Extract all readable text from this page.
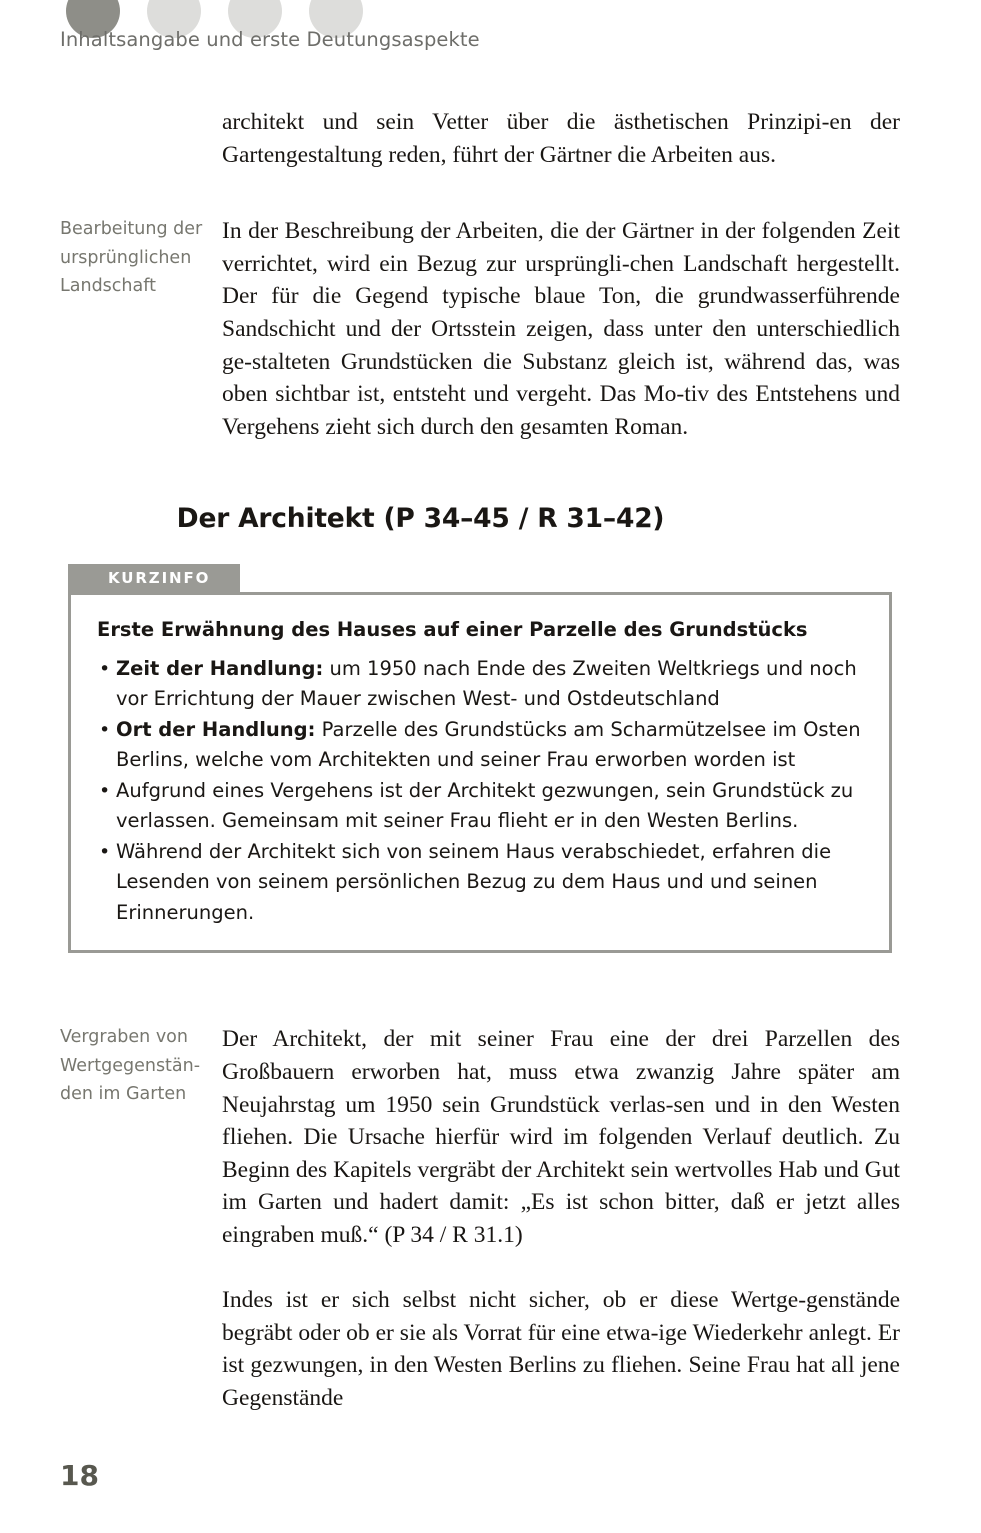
Inhaltsangabe und erste Deutungsaspekte

architekt und sein Vetter über die ästhetischen Prinzipi-en der Gartengestaltung reden, führt der Gärtner die Arbeiten aus.

Bearbeitung der ursprünglichen Landschaft

In der Beschreibung der Arbeiten, die der Gärtner in der folgenden Zeit verrichtet, wird ein Bezug zur ursprüngli-chen Landschaft hergestellt. Der für die Gegend typische blaue Ton, die grundwasserführende Sandschicht und der Ortsstein zeigen, dass unter den unterschiedlich ge-stalteten Grundstücken die Substanz gleich ist, während das, was oben sichtbar ist, entsteht und vergeht. Das Mo-tiv des Entstehens und Vergehens zieht sich durch den gesamten Roman.

Der Architekt (P 34–45 / R 31–42)
KURZINFO
Erste Erwähnung des Hauses auf einer Parzelle des Grundstücks
• Zeit der Handlung: um 1950 nach Ende des Zweiten Weltkriegs und noch vor Errichtung der Mauer zwischen West- und Ostdeutschland
• Ort der Handlung: Parzelle des Grundstücks am Scharmützelsee im Osten Berlins, welche vom Architekten und seiner Frau erworben worden ist
• Aufgrund eines Vergehens ist der Architekt gezwungen, sein Grundstück zu verlassen. Gemeinsam mit seiner Frau flieht er in den Westen Berlins.
• Während der Architekt sich von seinem Haus verabschiedet, erfahren die Lesenden von seinem persönlichen Bezug zu dem Haus und und seinen Erinnerungen.
Vergraben von Wertgegenstän-den im Garten

Der Architekt, der mit seiner Frau eine der drei Parzellen des Großbauern erworben hat, muss etwa zwanzig Jahre später am Neujahrstag um 1950 sein Grundstück verlas-sen und in den Westen fliehen. Die Ursache hierfür wird im folgenden Verlauf deutlich. Zu Beginn des Kapitels vergräbt der Architekt sein wertvolles Hab und Gut im Garten und hadert damit: „Es ist schon bitter, daß er jetzt alles eingraben muß.“ (P 34 / R 31.1)

Indes ist er sich selbst nicht sicher, ob er diese Wertge-genstände begräbt oder ob er sie als Vorrat für eine etwa-ige Wiederkehr anlegt. Er ist gezwungen, in den Westen Berlins zu fliehen. Seine Frau hat all jene Gegenstände

18
